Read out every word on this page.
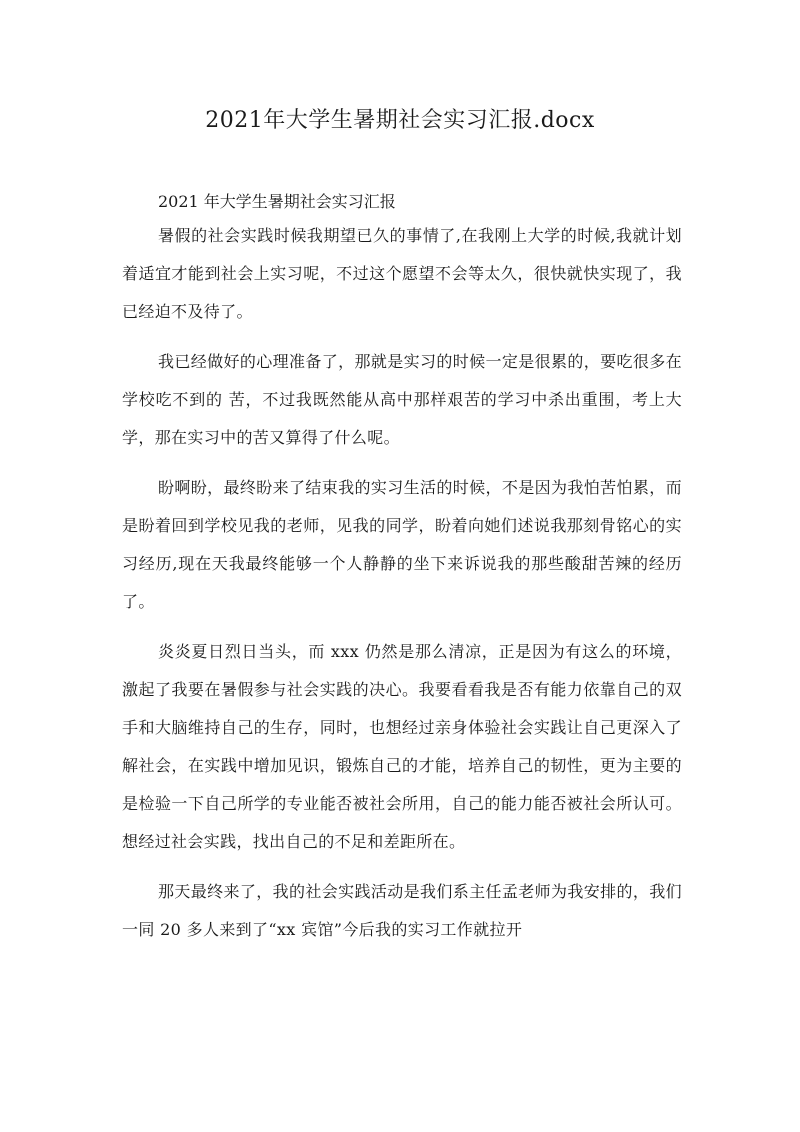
2021年大学生暑期社会实习汇报.docx

2021 年大学生暑期社会实习汇报

暑假的社会实践时候我期望已久的事情了,在我刚上大学的时候,我就计划着适宜才能到社会上实习呢，不过这个愿望不会等太久，很快就快实现了，我已经迫不及待了。

我已经做好的心理准备了，那就是实习的时候一定是很累的，要吃很多在学校吃不到的 苦，不过我既然能从高中那样艰苦的学习中杀出重围，考上大学，那在实习中的苦又算得了什么呢。

盼啊盼，最终盼来了结束我的实习生活的时候，不是因为我怕苦怕累，而是盼着回到学校见我的老师，见我的同学，盼着向她们述说我那刻骨铭心的实习经历,现在天我最终能够一个人静静的坐下来诉说我的那些酸甜苦辣的经历了。

炎炎夏日烈日当头，而 xxx 仍然是那么清凉，正是因为有这么的环境，激起了我要在暑假参与社会实践的决心。我要看看我是否有能力依靠自己的双手和大脑维持自己的生存，同时，也想经过亲身体验社会实践让自己更深入了解社会，在实践中增加见识，锻炼自己的才能，培养自己的韧性，更为主要的是检验一下自己所学的专业能否被社会所用，自己的能力能否被社会所认可。想经过社会实践，找出自己的不足和差距所在。

那天最终来了，我的社会实践活动是我们系主任孟老师为我安排的，我们一同 20 多人来到了“xx 宾馆”今后我的实习工作就拉开
